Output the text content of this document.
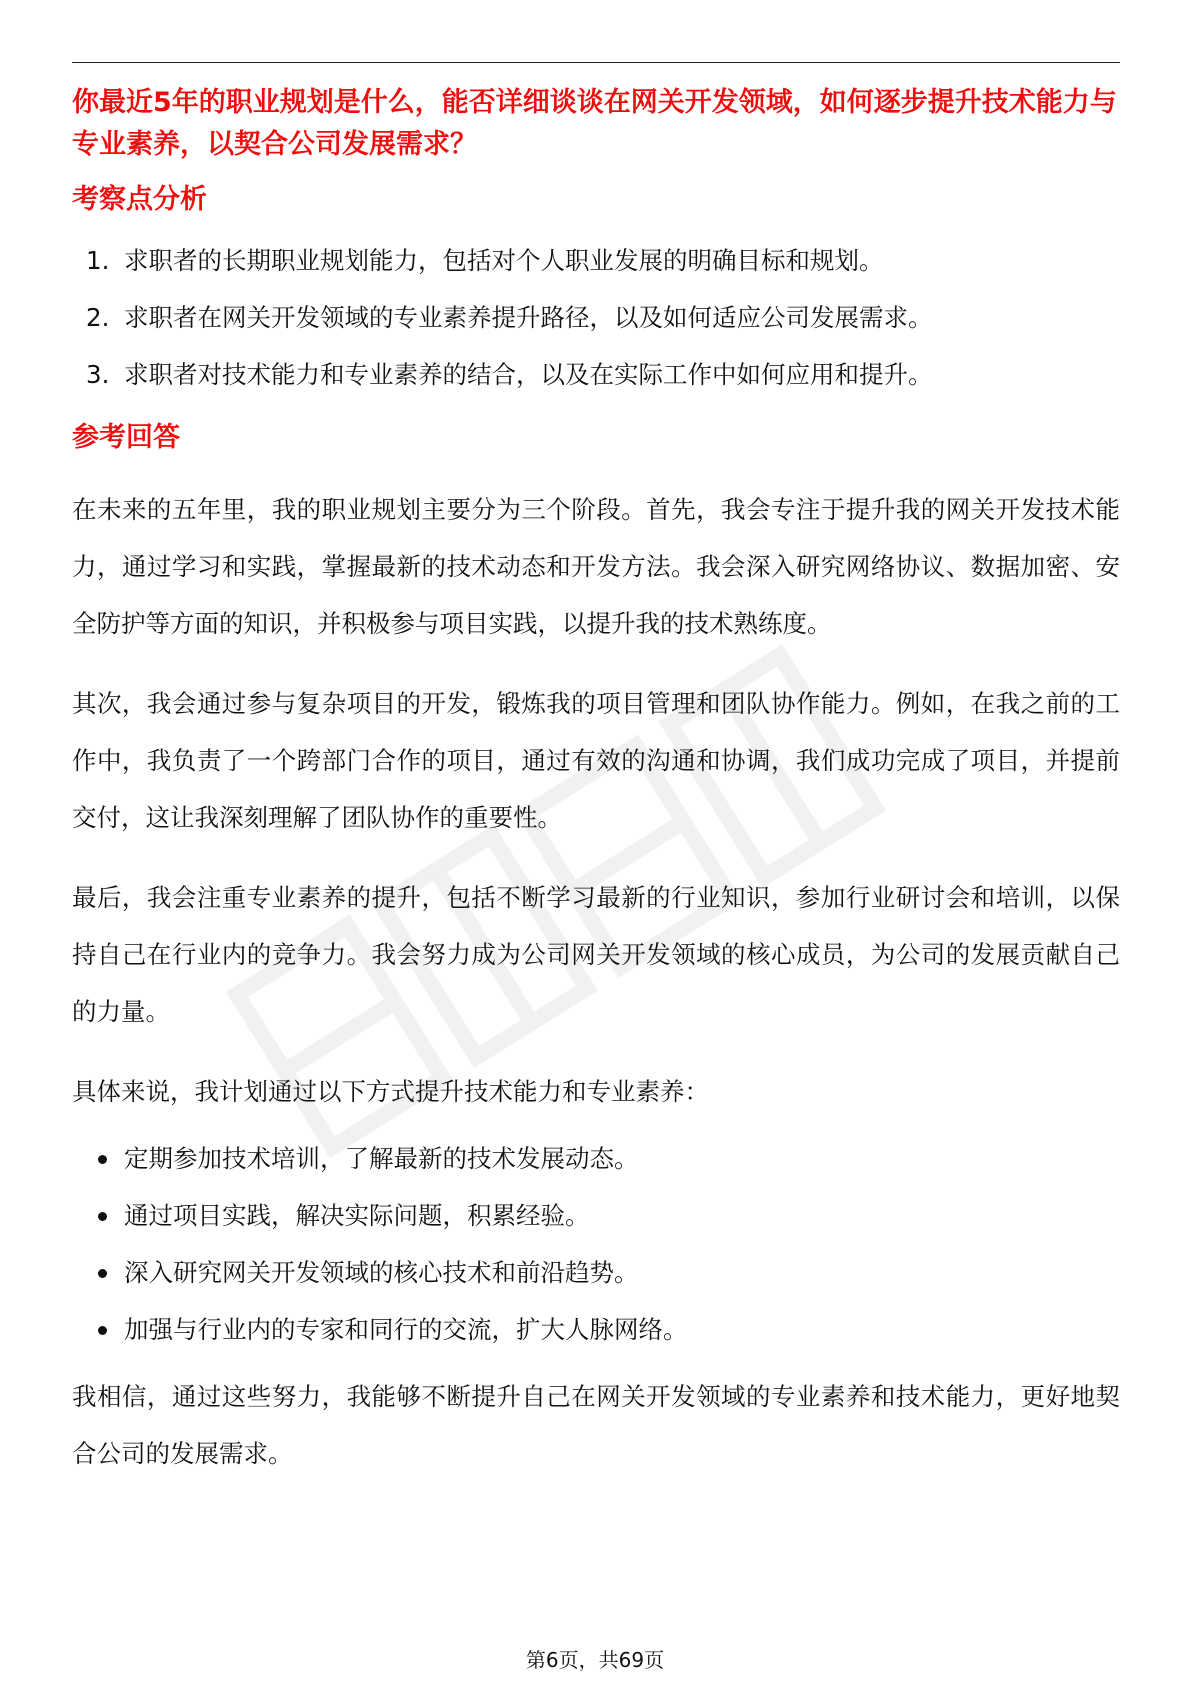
你最近5年的职业规划是什么，能否详细谈谈在网关开发领域，如何逐步提升技术能力与专业素养，以契合公司发展需求？

考察点分析
1. 求职者的长期职业规划能力，包括对个人职业发展的明确目标和规划。
2. 求职者在网关开发领域的专业素养提升路径，以及如何适应公司发展需求。
3. 求职者对技术能力和专业素养的结合，以及在实际工作中如何应用和提升。
参考回答

在未来的五年里，我的职业规划主要分为三个阶段。首先，我会专注于提升我的网关开发技术能力，通过学习和实践，掌握最新的技术动态和开发方法。我会深入研究网络协议、数据加密、安全防护等方面的知识，并积极参与项目实践，以提升我的技术熟练度。

其次，我会通过参与复杂项目的开发，锻炼我的项目管理和团队协作能力。例如，在我之前的工作中，我负责了一个跨部门合作的项目，通过有效的沟通和协调，我们成功完成了项目，并提前交付，这让我深刻理解了团队协作的重要性。

最后，我会注重专业素养的提升，包括不断学习最新的行业知识，参加行业研讨会和培训，以保持自己在行业内的竞争力。我会努力成为公司网关开发领域的核心成员，为公司的发展贡献自己的力量。

具体来说，我计划通过以下方式提升技术能力和专业素养：

定期参加技术培训，了解最新的技术发展动态。
通过项目实践，解决实际问题，积累经验。
深入研究网关开发领域的核心技术和前沿趋势。
加强与行业内的专家和同行的交流，扩大人脉网络。

我相信，通过这些努力，我能够不断提升自己在网关开发领域的专业素养和技术能力，更好地契合公司的发展需求。

第6页，共69页
